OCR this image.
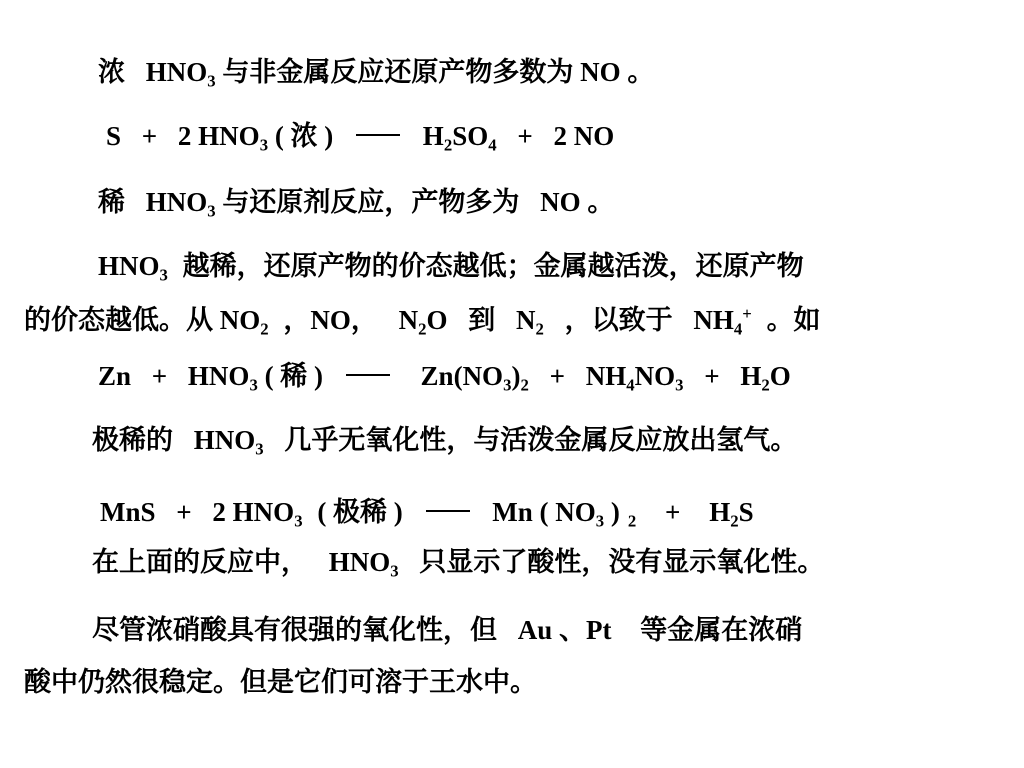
浓 $HNO_3$ 与非金属反应还原产物多数为 NO 。
S + 2 $HNO_3$ ( 浓 )	$H_2SO_4 + 2$ NO
稀 $HNO_3$ 与还原剂反应，产物多为 NO 。
$HNO_3$ 越稀，还原产物的价态越低；金属越活泼，还原产物
的价态越低。从 $NO_2$ ，NO， $N_2O$ 到 $N_2$ ，以致于 $NH_4^+$ 。如
$Zn + HNO_3$ ( 稀 )	$Zn(NO_3)_2 + NH_4NO_3 + H_2O$
极稀的 $HNO_3$ 几乎无氧化性，与活泼金属反应放出氢气。
MnS + 2 $HNO_3$ ( 极稀 )	Mn ( $NO_3$ ) $_2 + H_2S$
在上面的反应中， $HNO_3$ 只显示了酸性，没有显示氧化性。
尽管浓硝酸具有很强的氧化性，但 Au 、Pt 等金属在浓硝
酸中仍然很稳定。但是它们可溶于王水中。
